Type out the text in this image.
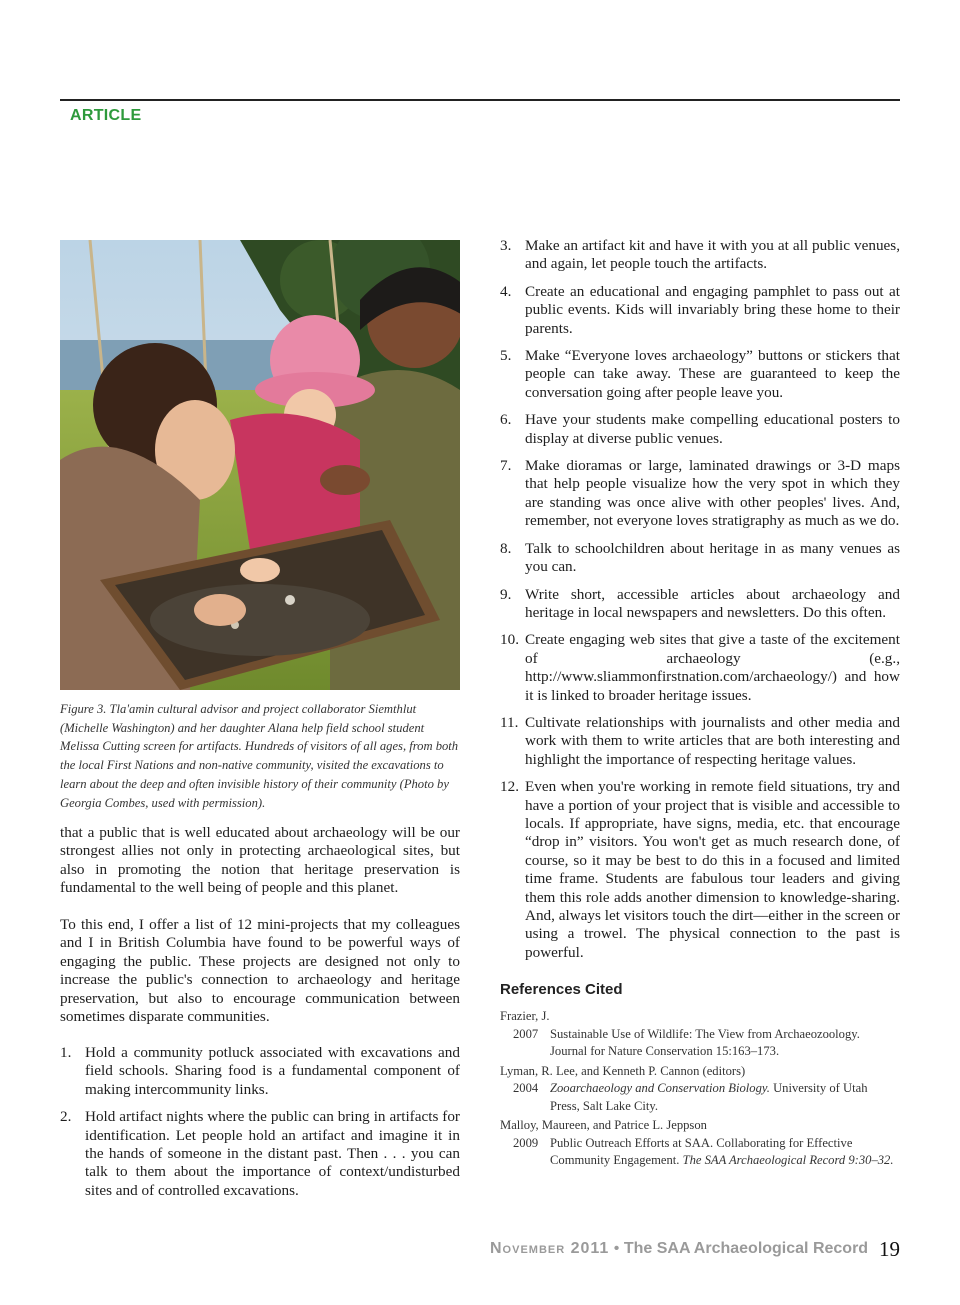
ARTICLE

Figure 3. Tla'amin cultural advisor and project collaborator Siemthlut (Michelle Washington) and her daughter Alana help field school student Melissa Cutting screen for artifacts. Hundreds of visitors of all ages, from both the local First Nations and non-native community, visited the excavations to learn about the deep and often invisible history of their community (Photo by Georgia Combes, used with permission).

that a public that is well educated about archaeology will be our strongest allies not only in protecting archaeological sites, but also in promoting the notion that heritage preservation is fundamental to the well being of people and this planet.

To this end, I offer a list of 12 mini-projects that my colleagues and I in British Columbia have found to be powerful ways of engaging the public. These projects are designed not only to increase the public's connection to archaeology and heritage preservation, but also to encourage communication between sometimes disparate communities.

1. Hold a community potluck associated with excavations and field schools. Sharing food is a fundamental component of making intercommunity links.
2. Hold artifact nights where the public can bring in artifacts for identification. Let people hold an artifact and imagine it in the hands of someone in the distant past. Then . . . you can talk to them about the importance of context/undisturbed sites and of controlled excavations.
3. Make an artifact kit and have it with you at all public venues, and again, let people touch the artifacts.
4. Create an educational and engaging pamphlet to pass out at public events. Kids will invariably bring these home to their parents.
5. Make “Everyone loves archaeology” buttons or stickers that people can take away. These are guaranteed to keep the conversation going after people leave you.
6. Have your students make compelling educational posters to display at diverse public venues.
7. Make dioramas or large, laminated drawings or 3-D maps that help people visualize how the very spot in which they are standing was once alive with other peoples' lives. And, remember, not everyone loves stratigraphy as much as we do.
8. Talk to schoolchildren about heritage in as many venues as you can.
9. Write short, accessible articles about archaeology and heritage in local newspapers and newsletters. Do this often.
10. Create engaging web sites that give a taste of the excitement of archaeology (e.g., http://www.sliammonfirstnation.com/archaeology/) and how it is linked to broader heritage issues.
11. Cultivate relationships with journalists and other media and work with them to write articles that are both interesting and highlight the importance of respecting heritage values.
12. Even when you're working in remote field situations, try and have a portion of your project that is visible and accessible to locals. If appropriate, have signs, media, etc. that encourage “drop in” visitors. You won't get as much research done, of course, so it may be best to do this in a focused and limited time frame. Students are fabulous tour leaders and giving them this role adds another dimension to knowledge-sharing. And, always let visitors touch the dirt—either in the screen or using a trowel. The physical connection to the past is powerful.
References Cited
Frazier, J.
2007 Sustainable Use of Wildlife: The View from Archaeozoology. Journal for Nature Conservation 15:163–173.
Lyman, R. Lee, and Kenneth P. Cannon (editors)
2004 Zooarchaeology and Conservation Biology. University of Utah Press, Salt Lake City.
Malloy, Maureen, and Patrice L. Jeppson
2009 Public Outreach Efforts at SAA. Collaborating for Effective Community Engagement. The SAA Archaeological Record 9:30–32.
November 2011 • The SAA Archaeological Record 19
